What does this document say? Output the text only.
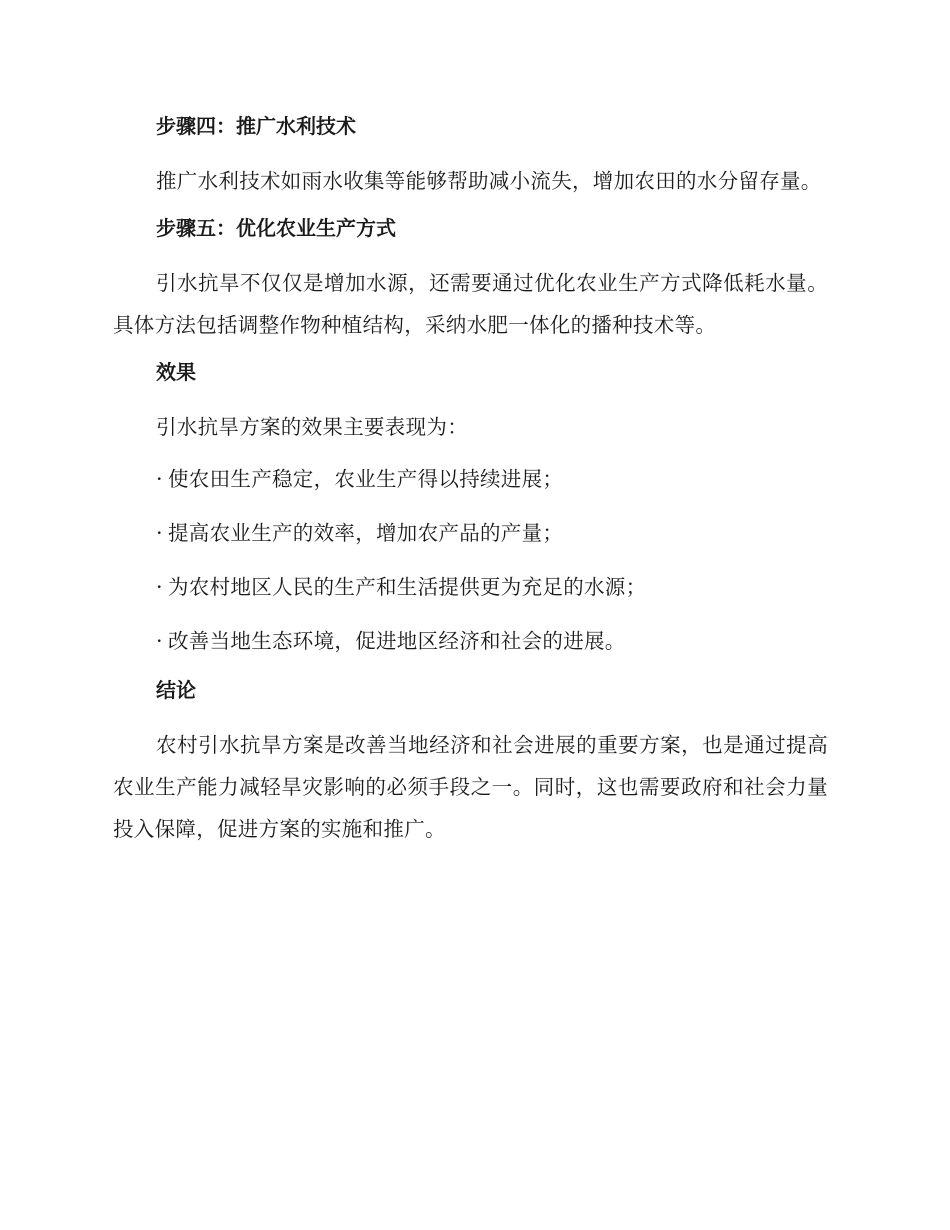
步骤四：推广水利技术

推广水利技术如雨水收集等能够帮助减小流失，增加农田的水分留存量。

步骤五：优化农业生产方式

引水抗旱不仅仅是增加水源，还需要通过优化农业生产方式降低耗水量。具体方法包括调整作物种植结构，采纳水肥一体化的播种技术等。

效果

引水抗旱方案的效果主要表现为：

· 使农田生产稳定，农业生产得以持续进展；
· 提高农业生产的效率，增加农产品的产量；
· 为农村地区人民的生产和生活提供更为充足的水源；
· 改善当地生态环境，促进地区经济和社会的进展。
结论

农村引水抗旱方案是改善当地经济和社会进展的重要方案，也是通过提高农业生产能力减轻旱灾影响的必须手段之一。同时，这也需要政府和社会力量投入保障，促进方案的实施和推广。
